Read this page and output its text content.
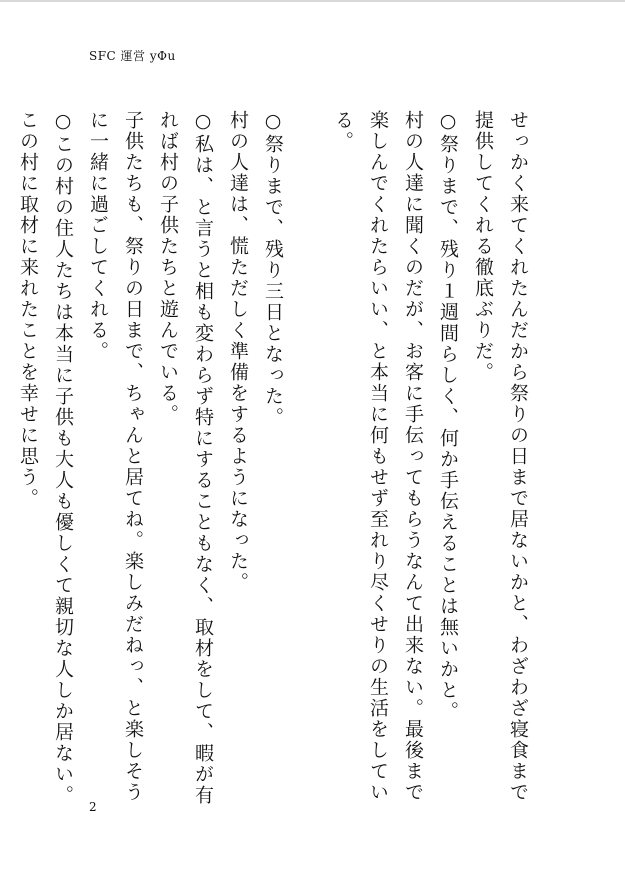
SFC 運営 yΦu

せっかく来てくれたんだから祭りの日まで居ないかと、わざわざ寝食まで提供してくれる徹底ぶりだ。

○祭りまで、残り１週間らしく、何か手伝えることは無いかと。

村の人達に聞くのだが、お客に手伝ってもらうなんて出来ない。最後まで楽しんでくれたらいい、と本当に何もせず至れり尽くせりの生活をしている。

○祭りまで、残り三日となった。

村の人達は、慌ただしく準備をするようになった。

○私は、と言うと相も変わらず特にすることもなく、取材をして、暇が有れば村の子供たちと遊んでいる。

子供たちも、祭りの日まで、ちゃんと居てね。楽しみだねっ、と楽しそうに一緒に過ごしてくれる。

○この村の住人たちは本当に子供も大人も優しくて親切な人しか居ない。この村に取材に来れたことを幸せに思う。

2
